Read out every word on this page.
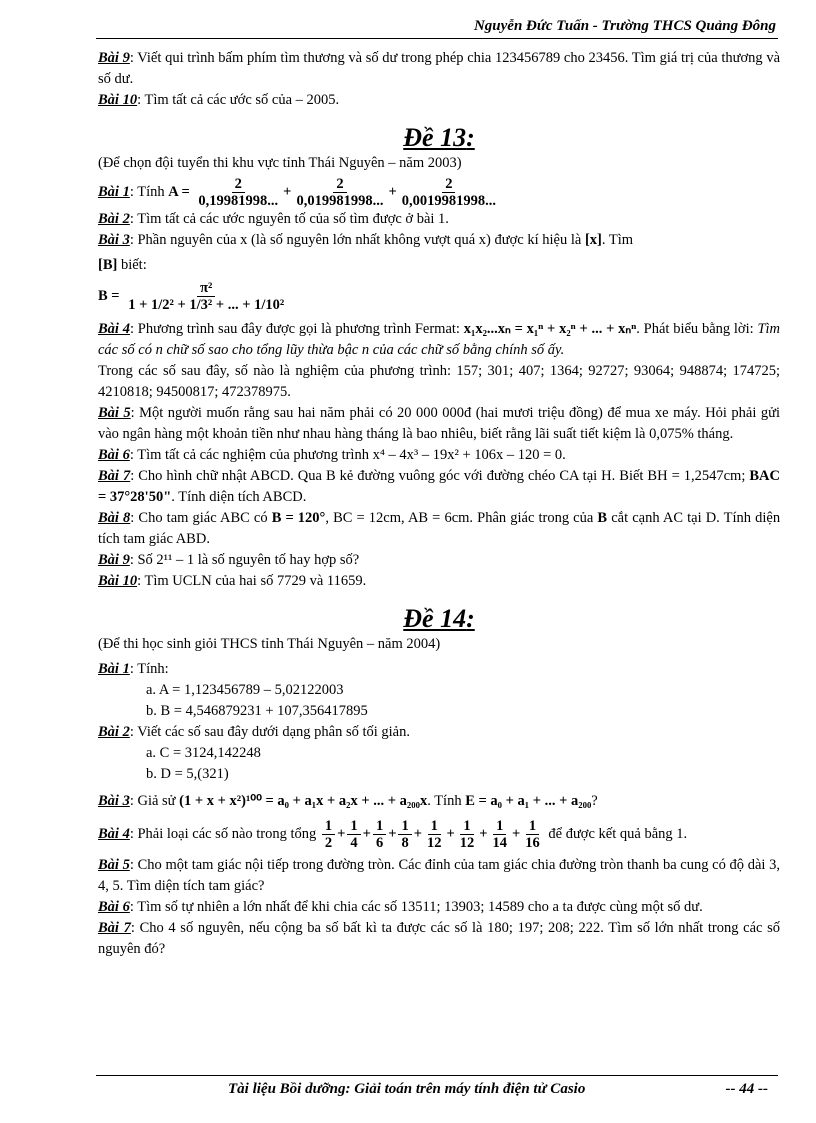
Nguyễn Đức Tuấn - Trường THCS Quảng Đông

Bài 9: Viết qui trình bấm phím tìm thương và số dư trong phép chia 123456789 cho 23456. Tìm giá trị của thương và số dư.

Bài 10: Tìm tất cả các ước số của – 2005.

Đề 13:

(Để chọn đội tuyển thi khu vực tỉnh Thái Nguyên – năm 2003)

Bài 1: Tính $A = \frac{2}{0,19981998...} + \frac{2}{0,019981998...} + \frac{2}{0,0019981998...}$

Bài 2: Tìm tất cả các ước nguyên tố của số tìm được ở bài 1.

Bài 3: Phần nguyên của x (là số nguyên lớn nhất không vượt quá x) được kí hiệu là [x]. Tìm

[B] biết:

$B = \frac{\text{π²}}{\text{1 + 1/2² + 1/3² + ... + 1/10²}}$

Bài 4: Phương trình sau đây được gọi là phương trình Fermat: x₁x₂...xₙ = x₁ⁿ + x₂ⁿ + ... + xₙⁿ. Phát biểu bằng lời: Tìm các số có n chữ số sao cho tổng lũy thừa bậc n của các chữ số bằng chính số ấy.

Trong các số sau đây, số nào là nghiệm của phương trình: 157; 301; 407; 1364; 92727; 93064; 948874; 174725; 4210818; 94500817; 472378975.

Bài 5: Một người muốn rằng sau hai năm phải có 20 000 000đ (hai mươi triệu đồng) để mua xe máy. Hỏi phải gửi vào ngân hàng một khoản tiền như nhau hàng tháng là bao nhiêu, biết rằng lãi suất tiết kiệm là 0,075% tháng.

Bài 6: Tìm tất cả các nghiệm của phương trình x⁴ – 4x³ – 19x² + 106x – 120 = 0.

Bài 7: Cho hình chữ nhật ABCD. Qua B kẻ đường vuông góc với đường chéo CA tại H. Biết BH = 1,2547cm; BAC = 37°28'50". Tính diện tích ABCD.

Bài 8: Cho tam giác ABC có B = 120°, BC = 12cm, AB = 6cm. Phân giác trong của B cắt cạnh AC tại D. Tính diện tích tam giác ABD.

Bài 9: Số 2¹¹ – 1 là số nguyên tố hay hợp số?

Bài 10: Tìm UCLN của hai số 7729 và 11659.

Đề 14:

(Để thi học sinh giỏi THCS tỉnh Thái Nguyên – năm 2004)

Bài 1: Tính:

a. A = 1,123456789 – 5,02122003

b. B = 4,546879231 + 107,356417895

Bài 2: Viết các số sau đây dưới dạng phân số tối giản.

a. C = 3124,142248

b. D = 5,(321)

Bài 3: Giả sử (1 + x + x²)¹⁰⁰ = a₀ + a₁x + a₂x + ... + a₂₀₀x. Tính E = a₀ + a₁ + ... + a₂₀₀?

Bài 4: Phải loại các số nào trong tổng $\frac{1}{2} + \frac{1}{4} + \frac{1}{6} + \frac{1}{8} + \frac{1}{12} + \frac{1}{12} + \frac{1}{14} + \frac{1}{16}$ để được kết quả bằng 1.

Bài 5: Cho một tam giác nội tiếp trong đường tròn. Các đỉnh của tam giác chia đường tròn thanh ba cung có độ dài 3, 4, 5. Tìm diện tích tam giác?

Bài 6: Tìm số tự nhiên a lớn nhất để khi chia các số 13511; 13903; 14589 cho a ta được cùng một số dư.

Bài 7: Cho 4 số nguyên, nếu cộng ba số bất kì ta được các số là 180; 197; 208; 222. Tìm số lớn nhất trong các số nguyên đó?

Tài liệu Bồi dưỡng: Giải toán trên máy tính điện tử Casio	-- 44 --
